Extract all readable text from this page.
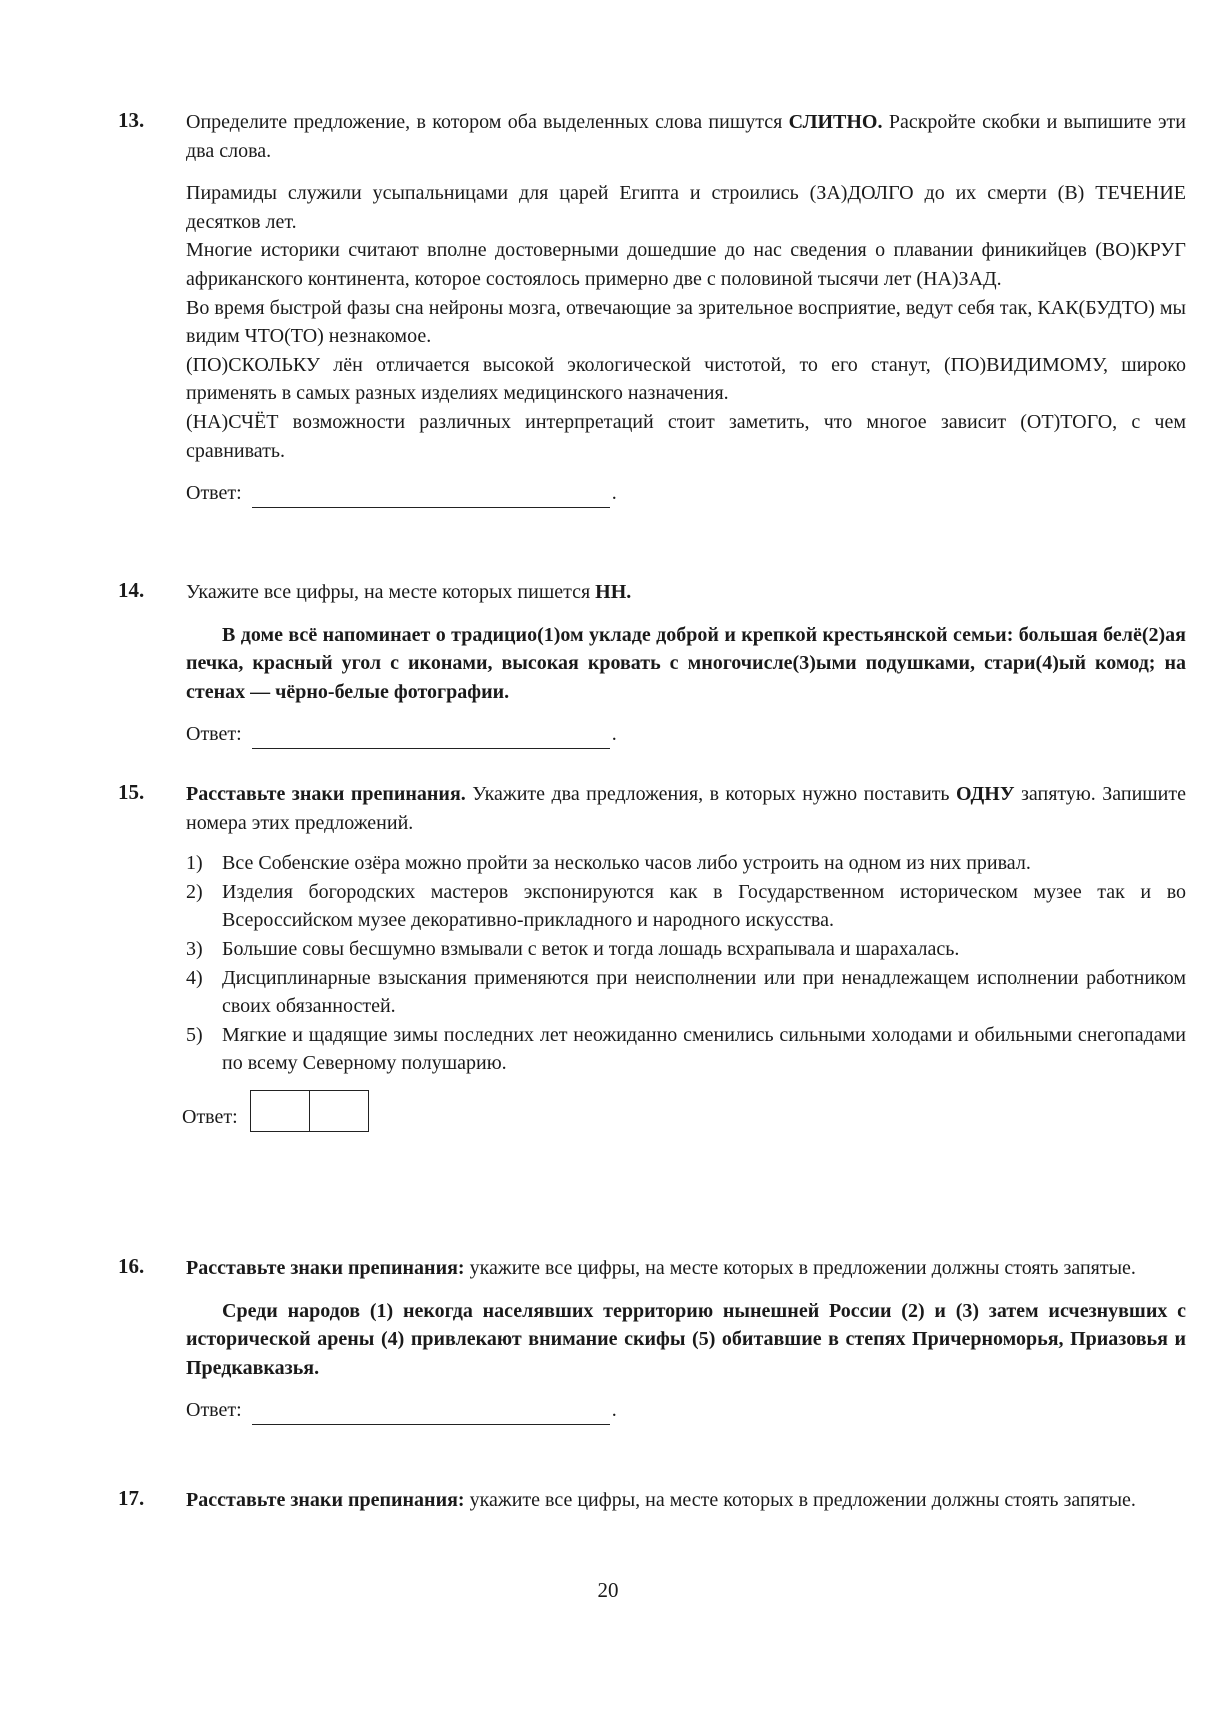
13. Определите предложение, в котором оба выделенных слова пишутся СЛИТНО. Раскройте скобки и выпишите эти два слова.

Пирамиды служили усыпальницами для царей Египта и строились (ЗА)ДОЛГО до их смерти (В) ТЕЧЕНИЕ десятков лет.

Многие историки считают вполне достоверными дошедшие до нас сведения о плавании финикийцев (ВО)КРУГ африканского континента, которое состоялось примерно две с половиной тысячи лет (НА)ЗАД.

Во время быстрой фазы сна нейроны мозга, отвечающие за зрительное восприятие, ведут себя так, КАК(БУДТО) мы видим ЧТО(ТО) незнакомое.

(ПО)СКОЛЬКУ лён отличается высокой экологической чистотой, то его станут, (ПО)ВИДИМОМУ, широко применять в самых разных изделиях медицинского назначения.

(НА)СЧЁТ возможности различных интерпретаций стоит заметить, что многое зависит (ОТ)ТОГО, с чем сравнивать.

Ответ:	.
14. Укажите все цифры, на месте которых пишется НН.

В доме всё напоминает о традицио(1)ом укладе доброй и крепкой крестьянской семьи: большая белё(2)ая печка, красный угол с иконами, высокая кровать с многочисле(3)ыми подушками, стари(4)ый комод; на стенах — чёрно-белые фотографии.

Ответ:	.
15. Расставьте знаки препинания. Укажите два предложения, в которых нужно поставить ОДНУ запятую. Запишите номера этих предложений.

1) Все Собенские озёра можно пройти за несколько часов либо устроить на одном из них привал.
2) Изделия богородских мастеров экспонируются как в Государственном историческом музее так и во Всероссийском музее декоративно-прикладного и народного искусства.
3) Большие совы бесшумно взмывали с веток и тогда лошадь всхрапывала и шарахалась.
4) Дисциплинарные взыскания применяются при неисполнении или при ненадлежащем исполнении работником своих обязанностей.
5) Мягкие и щадящие зимы последних лет неожиданно сменились сильными холодами и обильными снегопадами по всему Северному полушарию.
Ответ:
16. Расставьте знаки препинания: укажите все цифры, на месте которых в предложении должны стоять запятые.

Среди народов (1) некогда населявших территорию нынешней России (2) и (3) затем исчезнувших с исторической арены (4) привлекают внимание скифы (5) обитавшие в степях Причерноморья, Приазовья и Предкавказья.

Ответ:	.
17. Расставьте знаки препинания: укажите все цифры, на месте которых в предложении должны стоять запятые.

20
